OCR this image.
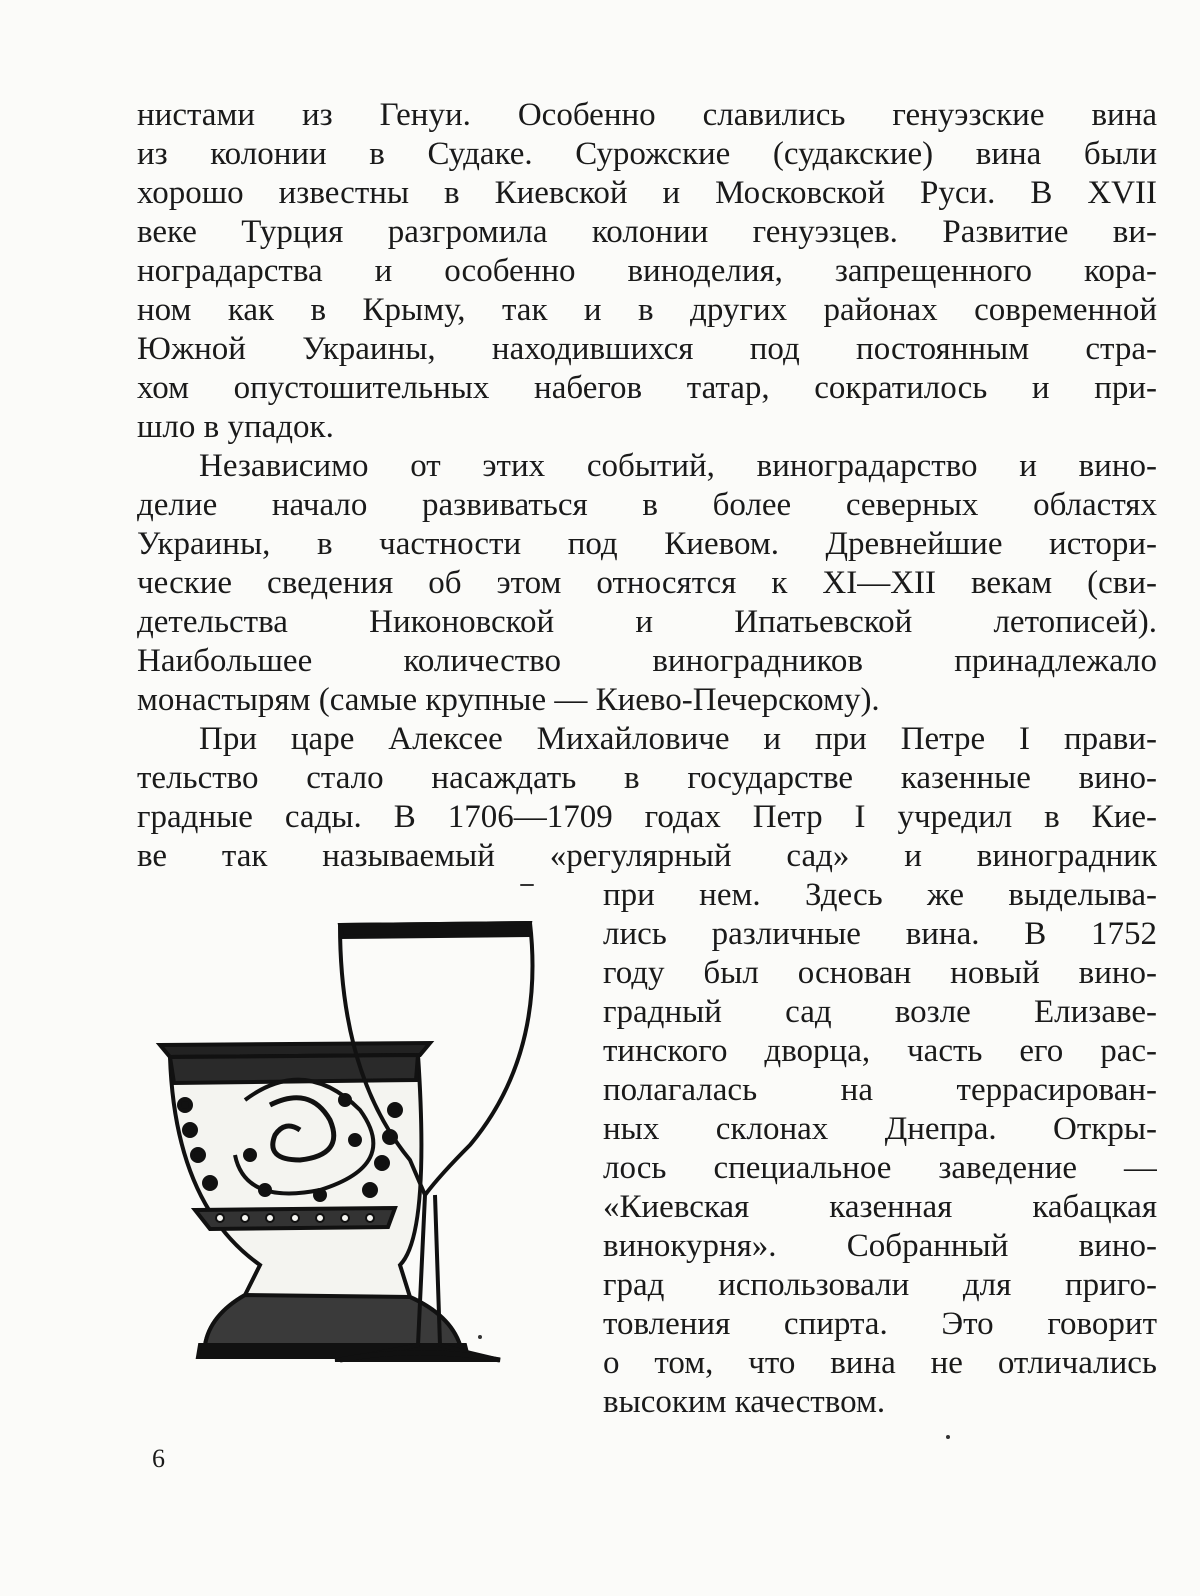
нистами из Генуи. Особенно славились генуэзские вина
из колонии в Судаке. Сурожские (судакские) вина были
хорошо известны в Киевской и Московской Руси. В XVII
веке Турция разгромила колонии генуэзцев. Развитие ви-
ноградарства и особенно виноделия, запрещенного кора-
ном как в Крыму, так и в других районах современной
Южной Украины, находившихся под постоянным стра-
хом опустошительных набегов татар, сократилось и при-
шло в упадок.
Независимо от этих событий, виноградарство и вино-
делие начало развиваться в более северных областях
Украины, в частности под Киевом. Древнейшие истори-
ческие сведения об этом относятся к XI—XII векам (сви-
детельства Никоновской и Ипатьевской летописей).
Наибольшее количество виноградников принадлежало
монастырям (самые крупные — Киево-Печерскому).
При царе Алексее Михайловиче и при Петре I прави-
тельство стало насаждать в государстве казенные вино-
градные сады. В 1706—1709 годах Петр I учредил в Кие-
ве так называемый «регулярный сад» и виноградник
при нем. Здесь же выделыва-
лись различные вина. В 1752
году был основан новый вино-
градный сад возле Елизаве-
тинского дворца, часть его рас-
полагалась на террасирован-
ных склонах Днепра. Откры-
лось специальное заведение —
«Киевская казенная кабацкая
винокурня». Собранный вино-
град использовали для приго-
товления спирта. Это говорит
о том, что вина не отличались
высоким качеством.
6
